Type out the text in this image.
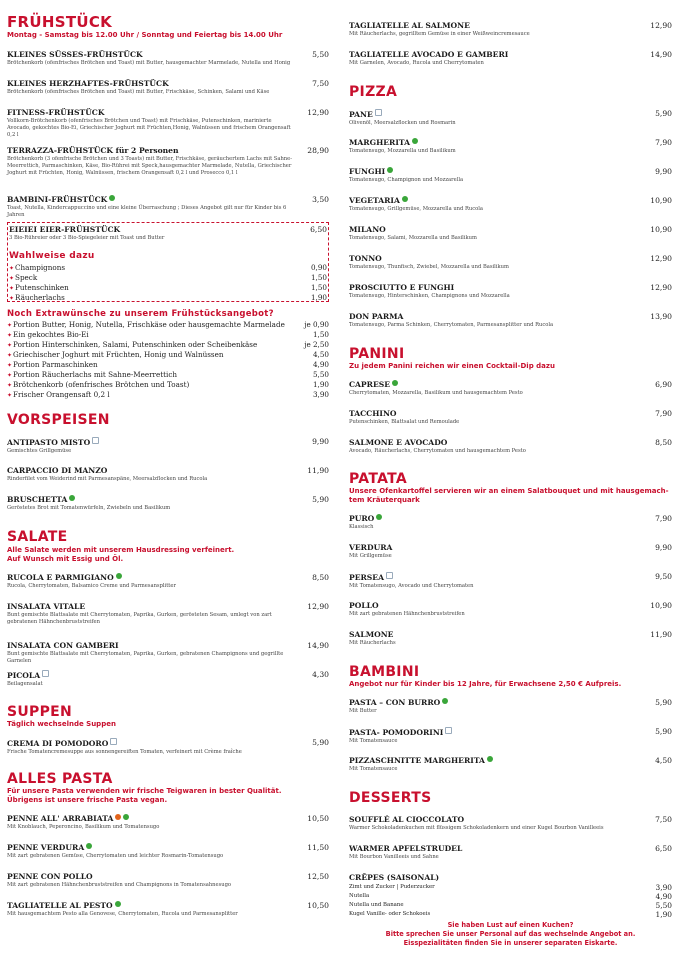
FRÜHSTÜCK
Montag - Samstag bis 12.00 Uhr / Sonntag und Feiertag bis 14.00 Uhr
KLEINES SÜSSES-FRÜHSTÜCK	5,50
Brötchenkorb (ofenfrisches Brötchen und Toast) mit Butter, hausgemachter Marmelade, Nutella und Honig
KLEINES HERZHAFTES-FRÜHSTÜCK	7,50
Brötchenkorb (ofenfrisches Brötchen und Toast) mit Butter, Frischkäse, Schinken, Salami und Käse
FITNESS-FRÜHSTÜCK	12,90
Vollkorn-Brötchenkorb (ofenfrisches Brötchen und Toast) mit Frischkäse, Putenschinken, marinierte Avocado, gekochtes Bio-Ei, Griechischer Joghurt mit Früchten,Honig, Walnüssen und frischem Orangensaft 0,2 l
TERRAZZA-FRÜHSTÜCK für 2 Personen	28,90
Brötchenkorb (3 ofenfrische Brötchen und 3 Toasts) mit Butter, Frischkäse, geräuchertem Lachs mit Sahne-Meerrettich, Parmaschinken, Käse, Bio-Rührei mit Speck,hausgemachter Marmelade, Nutella, Griechischer Joghurt mit Früchten, Honig, Walnüssen, frischem Orangensaft 0,2 l und Prosecco 0,1 l
BAMBINI-FRÜHSTÜCK	3,50
Toast, Nutella, Kindercappuccino und eine kleine Überraschung ; Dieses Angebot gilt nur für Kinder bis 6 Jahren
EIEIEI EIER-FRÜHSTÜCK	6,50
3 Bio-Rühreier oder 3 Bio-Spiegeleier mit Toast und Butter
Wahlweise dazu
✦Champignons	0,90
✦Speck	1,50
✦Putenschinken	1,50
✦Räucherlachs	1,90
Noch Extrawünsche zu unserem Frühstücksangebot?
✦Portion Butter, Honig, Nutella, Frischkäse oder hausgemachte Marmelade	je 0,90
✦Ein gekochtes Bio-Ei	1,50
✦Portion Hinterschinken, Salami, Putenschinken oder Scheibenkäse	je 2,50
✦Griechischer Joghurt mit Früchten, Honig und Walnüssen	4,50
✦Portion Parmaschinken	4,90
✦Portion Räucherlachs mit Sahne-Meerrettich	5,50
✦Brötchenkorb (ofenfrisches Brötchen und Toast)	1,90
✦Frischer Orangensaft 0,2 l	3,90
VORSPEISEN
ANTIPASTO MISTO	9,90
Gemischtes Grillgemüse
CARPACCIO DI MANZO	11,90
Rinderfilet vom Weiderind mit Parmesanspäne, Meersalzflocken und Rucola
BRUSCHETTA	5,90
Geröstetes Brot mit Tomatenwürfeln, Zwiebeln und Basilikum
SALATE
Alle Salate werden mit unserem Hausdressing verfeinert.
Auf Wunsch mit Essig und Öl.
RUCOLA E PARMIGIANO	8,50
Rucola, Cherrytomaten, Balsamico Creme und Parmesansplitter
INSALATA VITALE	12,90
Bunt gemischte Blattsalate mit Cherrytomaten, Paprika, Gurken, gerösteten Sesam, umlegt von zart gebratenen Hähnchenbruststreifen
INSALATA CON GAMBERI	14,90
Bunt gemischte Blattsalate mit Cherrytomaten, Paprika, Gurken, gebratenen Champignons und gegrillte Garnelen
PICOLA	4,30
Beilagensalat
SUPPEN
Täglich wechselnde Suppen
CREMA DI POMODORO	5,90
Frische Tomatencremesuppe aus sonnengereiften Tomaten, verfeinert mit Crème fraîche
ALLES PASTA
Für unsere Pasta verwenden wir frische Teigwaren in bester Qualität.
Übrigens ist unsere frische Pasta vegan.
PENNE ALL' ARRABIATA	10,50
Mit Knoblauch, Peperoncino, Basilikum und Tomatensugo
PENNE VERDURA	11,50
Mit zart gebratenen Gemüse, Cherrytomaten und leichter Rosmarin-Tomatensugo
PENNE CON POLLO	12,50
Mit zart gebratenen Hähnchenbruststreifen und Champignons in Tomatensahnesugo
TAGLIATELLE AL PESTO	10,50
Mit hausgemachtem Pesto alla Genovese, Cherrytomaten, Rucola und Parmesansplitter
TAGLIATELLE AL SALMONE	12,90
Mit Räucherlachs, gegrilltem Gemüse in einer Weißweincremesauce
TAGLIATELLE AVOCADO E GAMBERI	14,90
Mit Garnelen, Avocado, Rucola und Cherrytomaten
PIZZA
PANE	5,90
Olivenöl, Meersalzflocken und Rosmarin
MARGHERITA	7,90
Tomatensugo, Mozzarella und Basilikum
FUNGHI	9,90
Tomatensugo, Champignon und Mozzarella
VEGETARIA	10,90
Tomatensugo, Grillgemüse, Mozzarella und Rucola
MILANO	10,90
Tomatensugo, Salami, Mozzarella und Basilikum
TONNO	12,90
Tomatensugo, Thunfisch, Zwiebel, Mozzarella und Basilikum
PROSCIUTTO E FUNGHI	12,90
Tomatensugo, Hinterschinken, Champignons und Mozzarella
DON PARMA	13,90
Tomatensugo, Parma Schinken, Cherrytomaten, Parmesansplitter und Rucola
PANINI
Zu jedem Panini reichen wir einen Cocktail-Dip dazu
CAPRESE	6,90
Cherrytomaten, Mozzarella, Basilikum und hausgemachtem Pesto
TACCHINO	7,90
Putenschinken, Blattsalat und Remoulade
SALMONE E AVOCADO	8,50
Avocado, Räucherlachs, Cherrytomaten und hausgemachtem Pesto
PATATA
Unsere Ofenkartoffel servieren wir an einem Salatbouquet und mit hausgemach-
tem Kräuterquark
PURO	7,90
Klassisch
VERDURA	9,90
Mit Grillgemüse
PERSEA	9,50
Mit Tomatensugo, Avocado und Cherrytomaten
POLLO	10,90
Mit zart gebratenen Hähnchenbruststreifen
SALMONE	11,90
Mit Räucherlachs
BAMBINI
Angebot nur für Kinder bis 12 Jahre, für Erwachsene 2,50 € Aufpreis.
PASTA – CON BURRO	5,90
Mit Butter
PASTA- POMODORINI	5,90
Mit Tomatensauce
PIZZASCHNITTE MARGHERITA	4,50
Mit Tomatensauce
DESSERTS
SOUFFLÉ AL CIOCCOLATO	7,50
Warmer Schokoladenkuchen mit flüssigem Schokoladenkern und einer Kugel Bourbon Vanilleeis
WARMER APFELSTRUDEL	6,50
Mit Bourbon Vanilleeis und Sahne
CRÊPES (SAISONAL)
Zimt und Zucker | Puderzucker	3,90
Nutella	4,90
Nutella und Banane	5,50
Kugel Vanille- oder Schokoeis	1,90
Sie haben Lust auf einen Kuchen?
Bitte sprechen Sie unser Personal auf das wechselnde Angebot an.
Eisspezialitäten finden Sie in unserer separaten Eiskarte.
